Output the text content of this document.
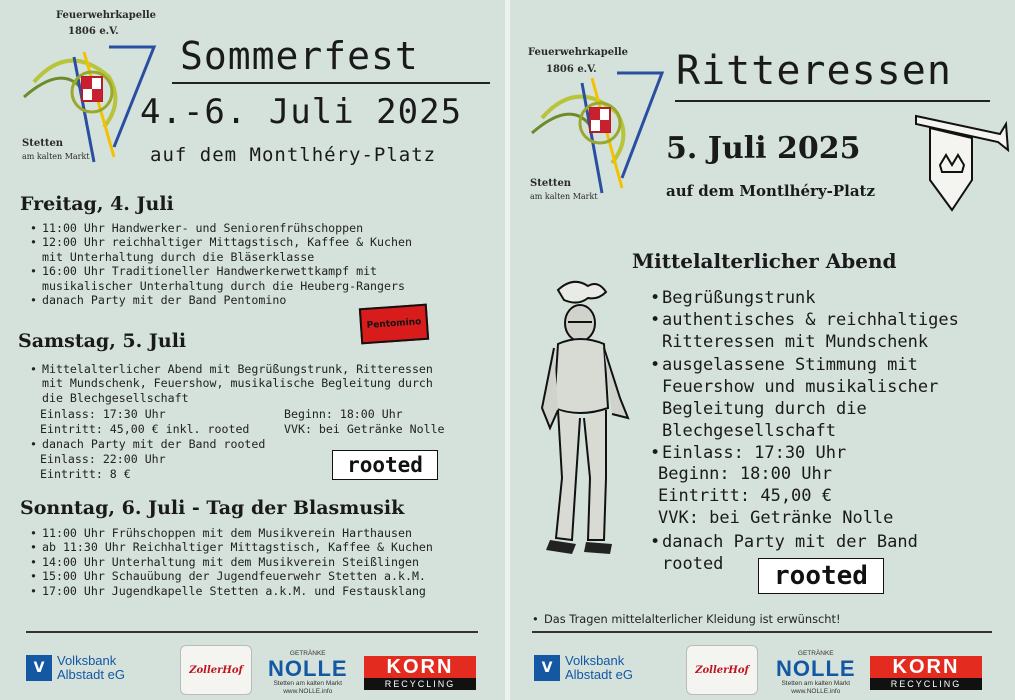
Feuerwehrkapelle
1806 e.V.
Stetten
am kalten Markt
Sommerfest
4.-6. Juli 2025
auf dem Montlhéry-Platz
Freitag, 4. Juli
• 11:00 Uhr Handwerker- und Seniorenfrühschoppen
• 12:00 Uhr reichhaltiger Mittagstisch, Kaffee & Kuchen
mit Unterhaltung durch die Bläserklasse
• 16:00 Uhr Traditioneller Handwerkerwettkampf mit
musikalischer Unterhaltung durch die Heuberg-Rangers
• danach Party mit der Band Pentomino
Pentomino
Samstag, 5. Juli
• Mittelalterlicher Abend mit Begrüßungstrunk, Ritteressen
mit Mundschenk, Feuershow, musikalische Begleitung durch
die Blechgesellschaft
Einlass: 17:30 Uhr	Beginn: 18:00 Uhr
Eintritt: 45,00 € inkl. rooted	VVK: bei Getränke Nolle
• danach Party mit der Band rooted
Einlass: 22:00 Uhr
Eintritt: 8 €	rooted
Sonntag, 6. Juli - Tag der Blasmusik
• 11:00 Uhr Frühschoppen mit dem Musikverein Harthausen
• ab 11:30 Uhr Reichhaltiger Mittagstisch, Kaffee & Kuchen
• 14:00 Uhr Unterhaltung mit dem Musikverein Steißlingen
• 15:00 Uhr Schauübung der Jugendfeuerwehr Stetten a.k.M.
• 17:00 Uhr Jugendkapelle Stetten a.k.M. und Festausklang
V Volksbank
Albstadt eG	ZollerHof
GETRÄNKE
NOLLE
Stetten am kalten Markt
www.NOLLE.info
KORN
RECYCLING
Feuerwehrkapelle
1806 e.V.
Stetten
am kalten Markt
Ritteressen
5. Juli 2025
auf dem Montlhéry-Platz
Mittelalterlicher Abend
• Begrüßungstrunk
• authentisches & reichhaltiges
Ritteressen mit Mundschenk
• ausgelassene Stimmung mit
Feuershow und musikalischer
Begleitung durch die
Blechgesellschaft
• Einlass: 17:30 Uhr
Beginn: 18:00 Uhr
Eintritt: 45,00 €
VVK: bei Getränke Nolle
• danach Party mit der Band
rooted	rooted
• Das Tragen mittelalterlicher Kleidung ist erwünscht!
V Volksbank
Albstadt eG	ZollerHof
GETRÄNKE
NOLLE
Stetten am kalten Markt
www.NOLLE.info
KORN
RECYCLING
